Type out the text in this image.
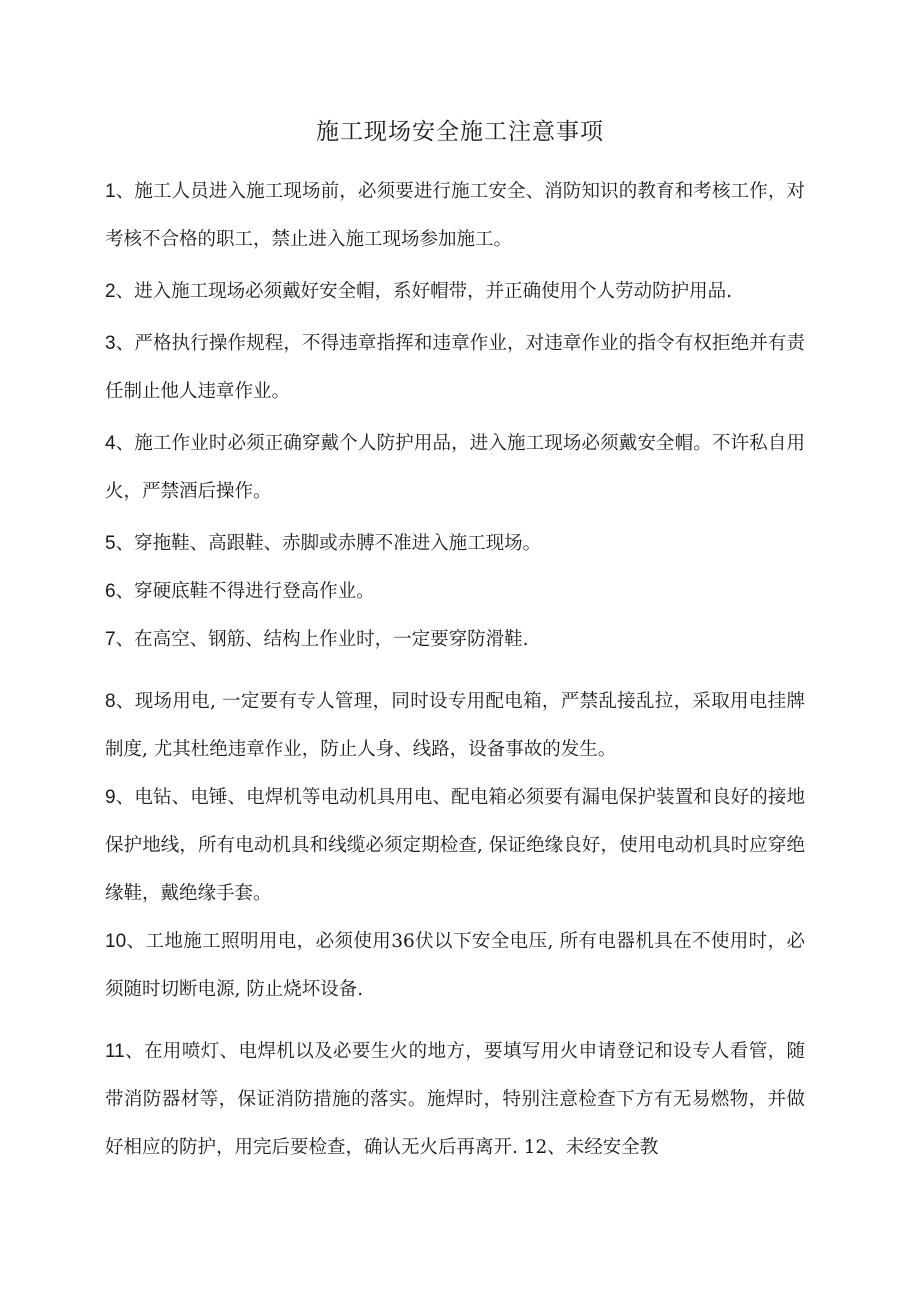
施工现场安全施工注意事项
1、施工人员进入施工现场前，必须要进行施工安全、消防知识的教育和考核工作，对考核不合格的职工，禁止进入施工现场参加施工。
2、进入施工现场必须戴好安全帽，系好帽带，并正确使用个人劳动防护用品.
3、严格执行操作规程，不得违章指挥和违章作业，对违章作业的指令有权拒绝并有责任制止他人违章作业。
4、施工作业时必须正确穿戴个人防护用品，进入施工现场必须戴安全帽。不许私自用火，严禁酒后操作。
5、穿拖鞋、高跟鞋、赤脚或赤膊不准进入施工现场。
6、穿硬底鞋不得进行登高作业。
7、在高空、钢筋、结构上作业时，一定要穿防滑鞋.
8、现场用电, 一定要有专人管理，同时设专用配电箱，严禁乱接乱拉，采取用电挂牌制度, 尤其杜绝违章作业，防止人身、线路，设备事故的发生。
9、电钻、电锤、电焊机等电动机具用电、配电箱必须要有漏电保护装置和良好的接地保护地线，所有电动机具和线缆必须定期检查, 保证绝缘良好，使用电动机具时应穿绝缘鞋，戴绝缘手套。
10、工地施工照明用电，必须使用36伏以下安全电压, 所有电器机具在不使用时，必须随时切断电源, 防止烧坏设备.
11、在用喷灯、电焊机以及必要生火的地方，要填写用火申请登记和设专人看管，随带消防器材等，保证消防措施的落实。施焊时，特别注意检查下方有无易燃物，并做好相应的防护，用完后要检查，确认无火后再离开. 12、未经安全教
